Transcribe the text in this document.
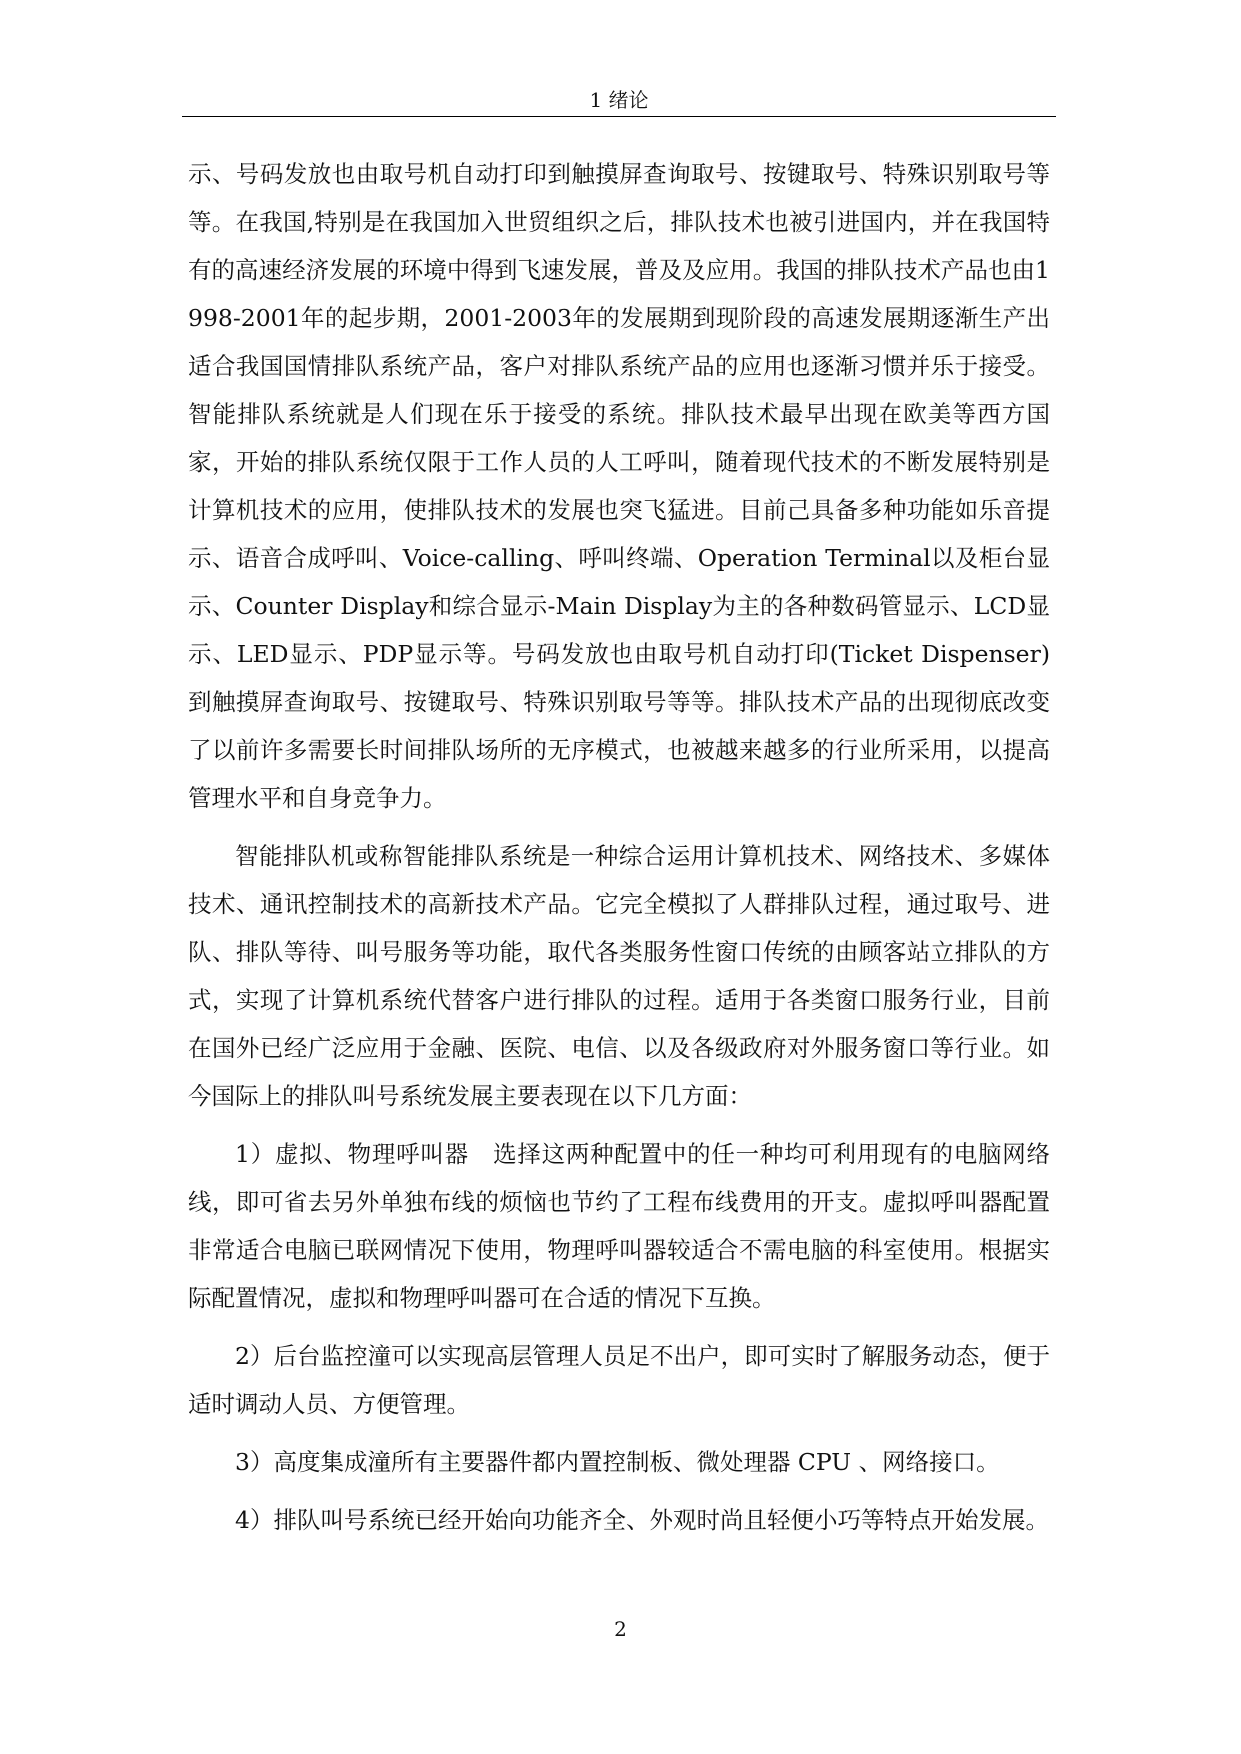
1 绪论

示、号码发放也由取号机自动打印到触摸屏查询取号、按键取号、特殊识别取号等等。在我国,特别是在我国加入世贸组织之后，排队技术也被引进国内，并在我国特有的高速经济发展的环境中得到飞速发展，普及及应用。我国的排队技术产品也由1998-2001年的起步期，2001-2003年的发展期到现阶段的高速发展期逐渐生产出适合我国国情排队系统产品，客户对排队系统产品的应用也逐渐习惯并乐于接受。智能排队系统就是人们现在乐于接受的系统。排队技术最早出现在欧美等西方国家，开始的排队系统仅限于工作人员的人工呼叫，随着现代技术的不断发展特别是计算机技术的应用，使排队技术的发展也突飞猛进。目前己具备多种功能如乐音提示、语音合成呼叫、Voice-calling、呼叫终端、Operation Terminal以及柜台显示、Counter Display和综合显示-Main Display为主的各种数码管显示、LCD显示、LED显示、PDP显示等。号码发放也由取号机自动打印(Ticket Dispenser)到触摸屏查询取号、按键取号、特殊识别取号等等。排队技术产品的出现彻底改变了以前许多需要长时间排队场所的无序模式，也被越来越多的行业所采用，以提高管理水平和自身竞争力。

智能排队机或称智能排队系统是一种综合运用计算机技术、网络技术、多媒体技术、通讯控制技术的高新技术产品。它完全模拟了人群排队过程，通过取号、进队、排队等待、叫号服务等功能，取代各类服务性窗口传统的由顾客站立排队的方式，实现了计算机系统代替客户进行排队的过程。适用于各类窗口服务行业，目前在国外已经广泛应用于金融、医院、电信、以及各级政府对外服务窗口等行业。如今国际上的排队叫号系统发展主要表现在以下几方面：

1）虚拟、物理呼叫器　选择这两种配置中的任一种均可利用现有的电脑网络线，即可省去另外单独布线的烦恼也节约了工程布线费用的开支。虚拟呼叫器配置非常适合电脑已联网情况下使用，物理呼叫器较适合不需电脑的科室使用。根据实际配置情况，虚拟和物理呼叫器可在合适的情况下互换。

2）后台监控潼可以实现高层管理人员足不出户，即可实时了解服务动态，便于适时调动人员、方便管理。

3）高度集成潼所有主要器件都内置控制板、微处理器 CPU 、网络接口。

4）排队叫号系统已经开始向功能齐全、外观时尚且轻便小巧等特点开始发展。

2
